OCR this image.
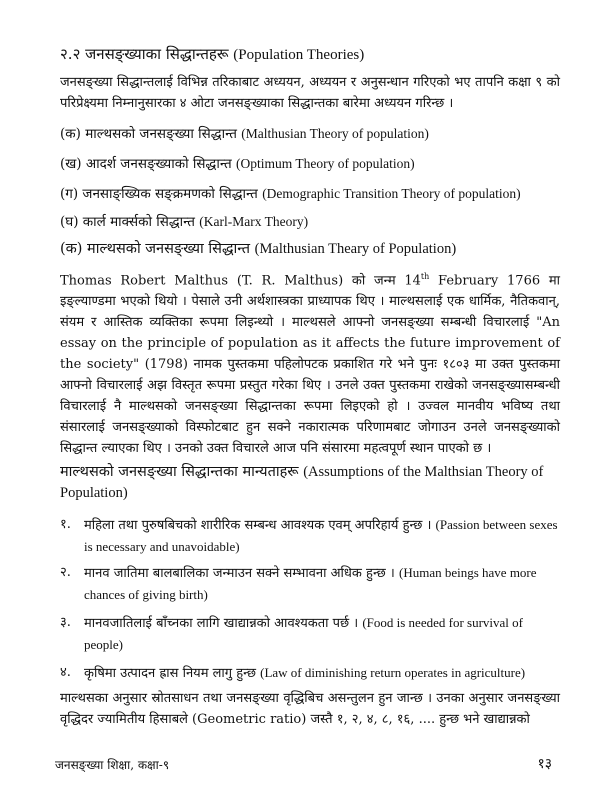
२.२ जनसङ्ख्याका सिद्धान्तहरू (Population Theories)

जनसङ्ख्या सिद्धान्तलाई विभिन्न तरिकाबाट अध्ययन, अध्ययन र अनुसन्धान गरिएको भए तापनि कक्षा ९ को परिप्रेक्ष्यमा निम्नानुसारका ४ ओटा जनसङ्ख्याका सिद्धान्तका बारेमा अध्ययन गरिन्छ ।

(क) माल्थसको जनसङ्ख्या सिद्धान्त (Malthusian Theory of population)
(ख) आदर्श जनसङ्ख्याको सिद्धान्त (Optimum Theory of population)
(ग) जनसाङ्ख्यिक सङ्क्रमणको सिद्धान्त (Demographic Transition Theory of population)
(घ) कार्ल मार्क्सको सिद्धान्त (Karl-Marx Theory)
(क) माल्थसको जनसङ्ख्या सिद्धान्त (Malthusian Theary of Population)

Thomas Robert Malthus (T. R. Malthus) को जन्म 14th February 1766 मा इङ्ल्याण्डमा भएको थियो । पेसाले उनी अर्थशास्त्रका प्राध्यापक थिए । माल्थसलाई एक धार्मिक, नैतिकवान्, संयम र आस्तिक व्यक्तिका रूपमा लिइन्थ्यो । माल्थसले आफ्नो जनसङ्ख्या सम्बन्धी विचारलाई "An essay on the principle of population as it affects the future improvement of the society" (1798) नामक पुस्तकमा पहिलोपटक प्रकाशित गरे भने पुनः १८०३ मा उक्त पुस्तकमा आफ्नो विचारलाई अझ विस्तृत रूपमा प्रस्तुत गरेका थिए । उनले उक्त पुस्तकमा राखेको जनसङ्ख्यासम्बन्धी विचारलाई नै माल्थसको जनसङ्ख्या सिद्धान्तका रूपमा लिइएको हो । उज्वल मानवीय भविष्य तथा संसारलाई जनसङ्ख्याको विस्फोटबाट हुन सक्ने नकारात्मक परिणामबाट जोगाउन उनले जनसङ्ख्याको सिद्धान्त ल्याएका थिए । उनको उक्त विचारले आज पनि संसारमा महत्वपूर्ण स्थान पाएको छ ।

माल्थसको जनसङ्ख्या सिद्धान्तका मान्यताहरू (Assumptions of the Malthsian Theory of Population)
१.	महिला तथा पुरुषबिचको शारीरिक सम्बन्ध आवश्यक एवम् अपरिहार्य हुन्छ । (Passion between sexes is necessary and unavoidable)
२.	मानव जातिमा बालबालिका जन्माउन सक्ने सम्भावना अधिक हुन्छ । (Human beings have more chances of giving birth)
३.	मानवजातिलाई बाँच्नका लागि खाद्यान्नको आवश्यकता पर्छ । (Food is needed for survival of people)
४.	कृषिमा उत्पादन ह्रास नियम लागु हुन्छ (Law of diminishing return operates in agriculture)

माल्थसका अनुसार स्रोतसाधन तथा जनसङ्ख्या वृद्धिबिच असन्तुलन हुन जान्छ । उनका अनुसार जनसङ्ख्या वृद्धिदर ज्यामितीय हिसाबले (Geometric ratio) जस्तै १, २, ४, ८, १६, .... हुन्छ भने खाद्यान्नको

जनसङ्ख्या शिक्षा, कक्षा-९	१३
